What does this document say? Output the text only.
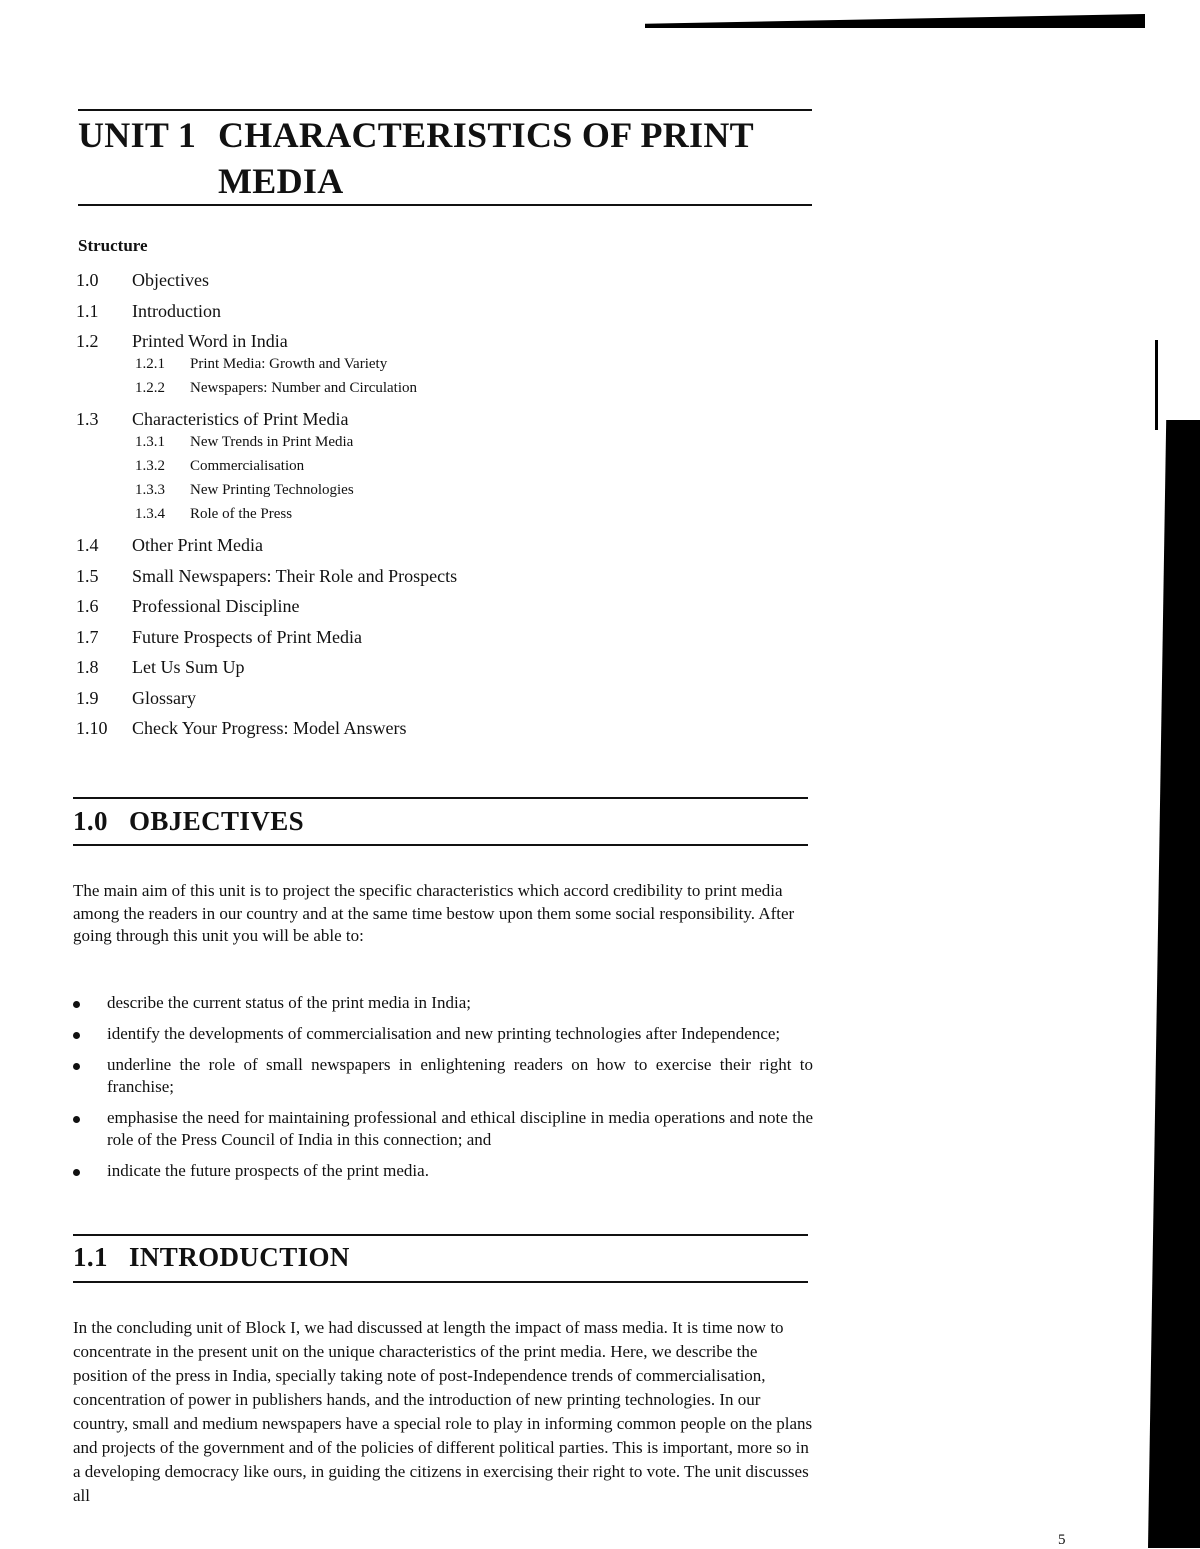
UNIT 1 CHARACTERISTICS OF PRINT
MEDIA
Structure
1.0	Objectives
1.1	Introduction
1.2	Printed Word in India
1.2.1	Print Media: Growth and Variety
1.2.2	Newspapers: Number and Circulation
1.3	Characteristics of Print Media
1.3.1	New Trends in Print Media
1.3.2	Commercialisation
1.3.3	New Printing Technologies
1.3.4	Role of the Press
1.4	Other Print Media
1.5	Small Newspapers: Their Role and Prospects
1.6	Professional Discipline
1.7	Future Prospects of Print Media
1.8	Let Us Sum Up
1.9	Glossary
1.10	Check Your Progress: Model Answers
1.0 OBJECTIVES

The main aim of this unit is to project the specific characteristics which accord credibility to print media among the readers in our country and at the same time bestow upon them some social responsibility. After going through this unit you will be able to:

describe the current status of the print media in India;
identify the developments of commercialisation and new printing technologies after Independence;
underline the role of small newspapers in enlightening readers on how to exercise their right to franchise;
emphasise the need for maintaining professional and ethical discipline in media operations and note the role of the Press Council of India in this connection; and
indicate the future prospects of the print media.
1.1 INTRODUCTION

In the concluding unit of Block I, we had discussed at length the impact of mass media. It is time now to concentrate in the present unit on the unique characteristics of the print media. Here, we describe the position of the press in India, specially taking note of post-Independence trends of commercialisation, concentration of power in publishers hands, and the introduction of new printing technologies. In our country, small and medium newspapers have a special role to play in informing common people on the plans and projects of the government and of the policies of different political parties. This is important, more so in a developing democracy like ours, in guiding the citizens in exercising their right to vote. The unit discusses all

5
